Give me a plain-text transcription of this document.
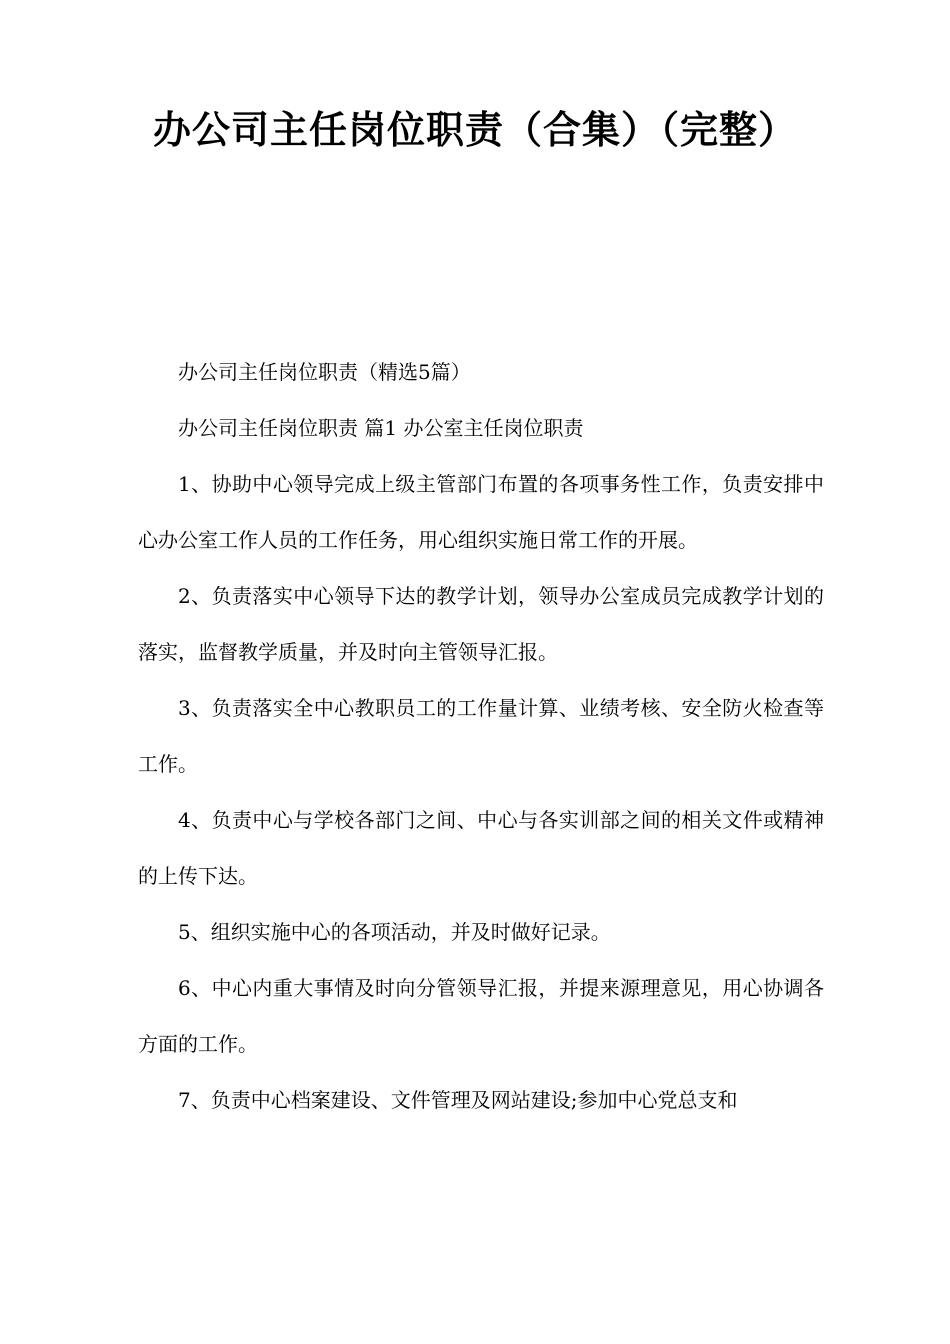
办公司主任岗位职责（合集）（完整）

办公司主任岗位职责（精选5篇）

办公司主任岗位职责 篇1 办公室主任岗位职责

1、协助中心领导完成上级主管部门布置的各项事务性工作，负责安排中心办公室工作人员的工作任务，用心组织实施日常工作的开展。

2、负责落实中心领导下达的教学计划，领导办公室成员完成教学计划的落实，监督教学质量，并及时向主管领导汇报。

3、负责落实全中心教职员工的工作量计算、业绩考核、安全防火检查等工作。

4、负责中心与学校各部门之间、中心与各实训部之间的相关文件或精神的上传下达。

5、组织实施中心的各项活动，并及时做好记录。

6、中心内重大事情及时向分管领导汇报，并提来源理意见，用心协调各方面的工作。

7、负责中心档案建设、文件管理及网站建设;参加中心党总支和
